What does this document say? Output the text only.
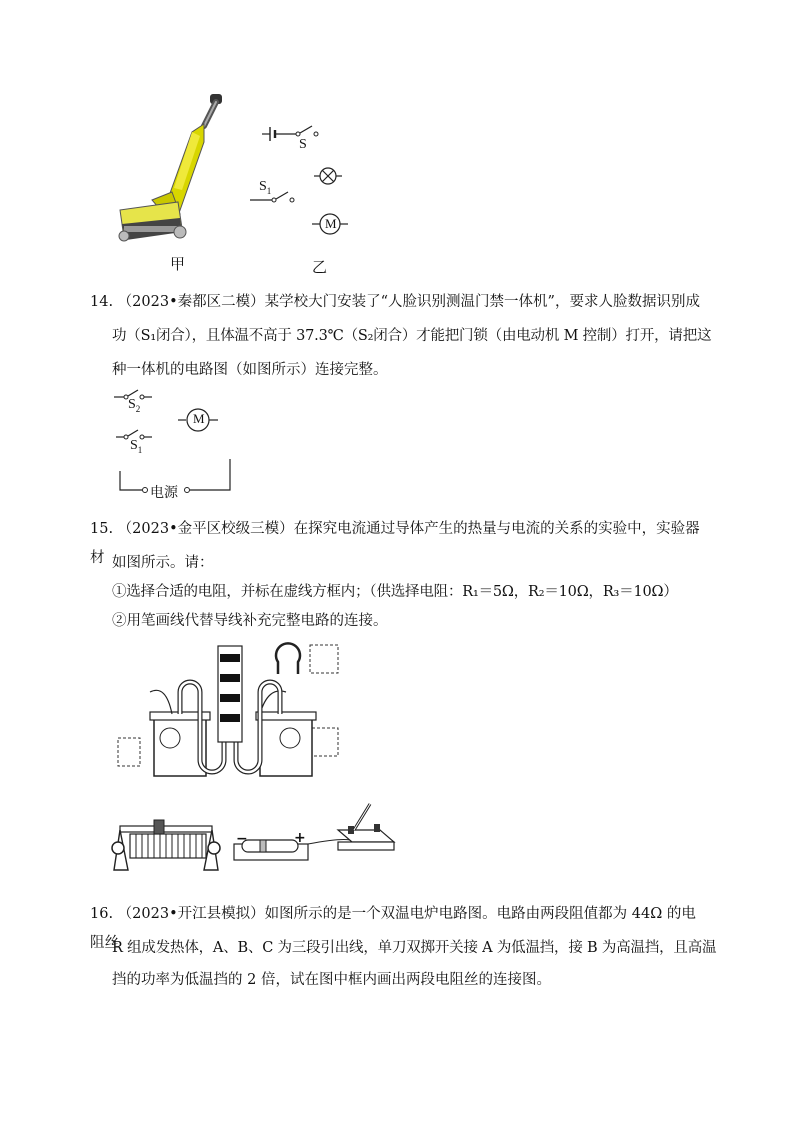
S
$S_1$
M
甲	乙

14. （2023•秦都区二模）某学校大门安装了“人脸识别测温门禁一体机”，要求人脸数据识别成

功（S₁闭合），且体温不高于 37.3℃（S₂闭合）才能把门锁（由电动机 M 控制）打开，请把这

种一体机的电路图（如图所示）连接完整。

$S_2$
M
$S_1$
电源

15. （2023•金平区校级三模）在探究电流通过导体产生的热量与电流的关系的实验中，实验器材 如图所示。请：

①选择合适的电阻，并标在虚线方框内；（供选择电阻：R₁＝5Ω，R₂＝10Ω，R₃＝10Ω）

②用笔画线代替导线补充完整电路的连接。

−	+

16. （2023•开江县模拟）如图所示的是一个双温电炉电路图。电路由两段阻值都为 44Ω 的电阻丝

R 组成发热体，A、B、C 为三段引出线，单刀双掷开关接 A 为低温挡，接 B 为高温挡，且高温

挡的功率为低温挡的 2 倍，试在图中框内画出两段电阻丝的连接图。
